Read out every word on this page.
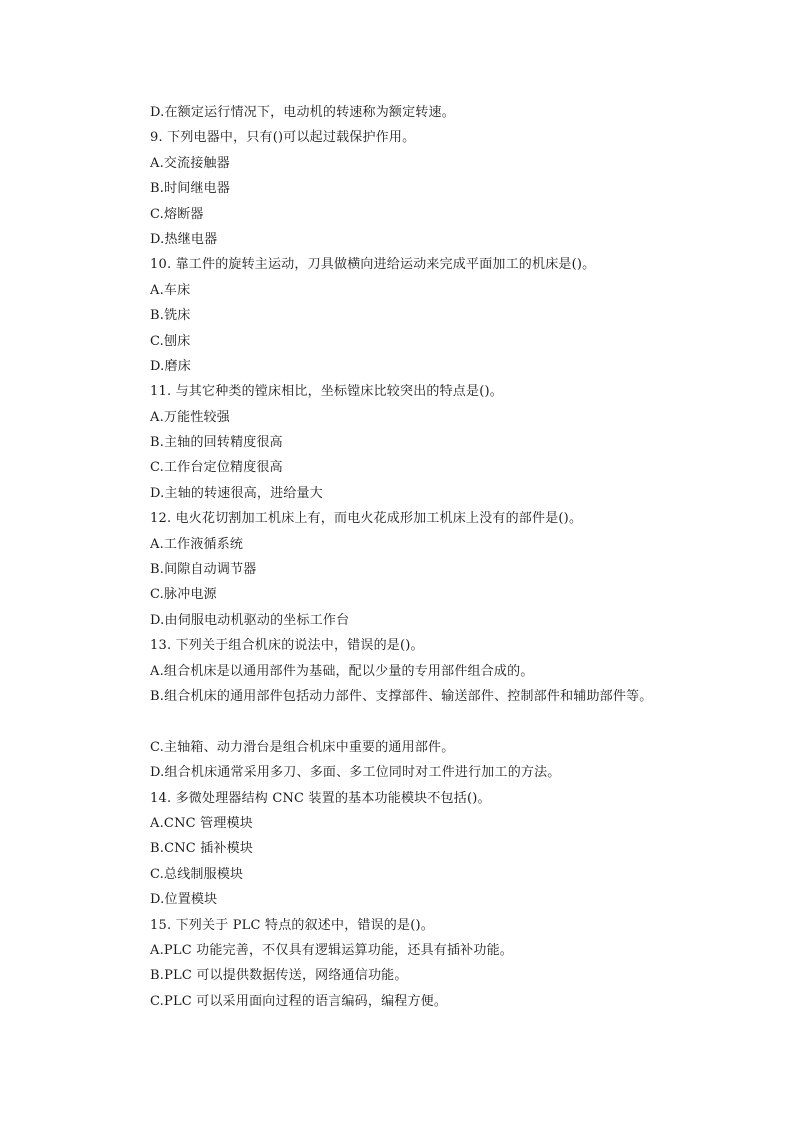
D.在额定运行情况下，电动机的转速称为额定转速。
9. 下列电器中，只有()可以起过载保护作用。
A.交流接触器
B.时间继电器
C.熔断器
D.热继电器
10. 靠工件的旋转主运动，刀具做横向进给运动来完成平面加工的机床是()。
A.车床
B.铣床
C.刨床
D.磨床
11. 与其它种类的镗床相比，坐标镗床比较突出的特点是()。
A.万能性较强
B.主轴的回转精度很高
C.工作台定位精度很高
D.主轴的转速很高，进给量大
12. 电火花切割加工机床上有，而电火花成形加工机床上没有的部件是()。
A.工作液循系统
B.间隙自动调节器
C.脉冲电源
D.由伺服电动机驱动的坐标工作台
13. 下列关于组合机床的说法中，错误的是()。
A.组合机床是以通用部件为基础，配以少量的专用部件组合成的。
B.组合机床的通用部件包括动力部件、支撑部件、输送部件、控制部件和辅助部件等。
C.主轴箱、动力滑台是组合机床中重要的通用部件。
D.组合机床通常采用多刀、多面、多工位同时对工件进行加工的方法。
14. 多微处理器结构 CNC 装置的基本功能模块不包括()。
A.CNC 管理模块
B.CNC 插补模块
C.总线制服模块
D.位置模块
15. 下列关于 PLC 特点的叙述中，错误的是()。
A.PLC 功能完善，不仅具有逻辑运算功能，还具有插补功能。
B.PLC 可以提供数据传送，网络通信功能。
C.PLC 可以采用面向过程的语言编码，编程方便。
